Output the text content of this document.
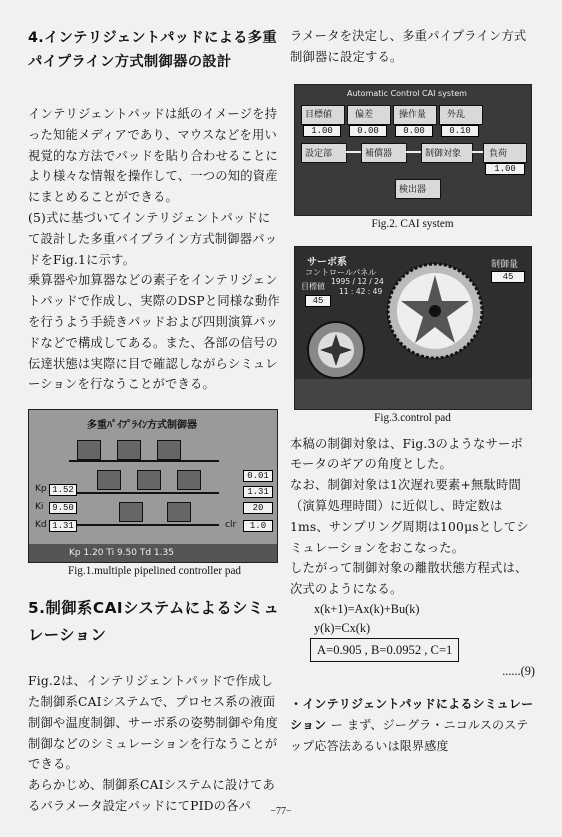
4.インテリジェントパッドによる多重パイプライン方式制御器の設計

インテリジェントパッドは紙のイメージを持った知能メディアであり、マウスなどを用い視覚的な方法でパッドを貼り合わせることにより様々な情報を操作して、一つの知的資産にまとめることができる。

(5)式に基づいてインテリジェントパッドにて設計した多重パイプライン方式制御器パッドをFig.1に示す。

乗算器や加算器などの素子をインテリジェントパッドで作成し、実際のDSPと同様な動作を行うよう手続きパッドおよび四則演算パッドなどで構成してある。また、各部の信号の伝達状態は実際に目で確認しながらシミュレーションを行なうことができる。

多重ﾊﾟｲﾌﾟﾗｲﾝ方式制御器
Kp 1.52
Ki 9.50
Kd 1.31
0.01
1.31
20
clr	1.0
Kp 1.20 Ti 9.50 Td 1.35
Fig.1.multiple pipelined controller pad
5.制御系CAIシステムによるシミュレーション

Fig.2は、インテリジェントパッドで作成した制御系CAIシステムで、プロセス系の液面制御や温度制御、サーボ系の姿勢制御や角度制御などのシミュレーションを行なうことができる。

あらかじめ、制御系CAIシステムに設けてあるパラメータ設定パッドにてPIDの各パ

ラメータを決定し、多重パイプライン方式制御器に設定する。

Automatic Control CAI system
目標値	偏差	操作量 外乱
1.00	0.00	0.00	0.10
設定部	補償器	制御対象	負荷
1.00
検出器
Fig.2. CAI system
サーボ系
コントロールパネル
目標値
1995 / 12 / 24
11 : 42 : 49
45
制御量
45
Fig.3.control pad

本稿の制御対象は、Fig.3のようなサーボモータのギアの角度とした。

なお、制御対象は1次遅れ要素+無駄時間（演算処理時間）に近似し、時定数は1ms、サンプリング周期は100μsとしてシミュレーションをおこなった。

したがって制御対象の離散状態方程式は、次式のようになる。

x(k+1)=Ax(k)+Bu(k)
y(k)=Cx(k)
A=0.905 , B=0.0952 , C=1
......(9)

・インテリジェントパッドによるシミュレーション ー まず、ジーグラ・ニコルスのステップ応答法あるいは限界感度

−77−
